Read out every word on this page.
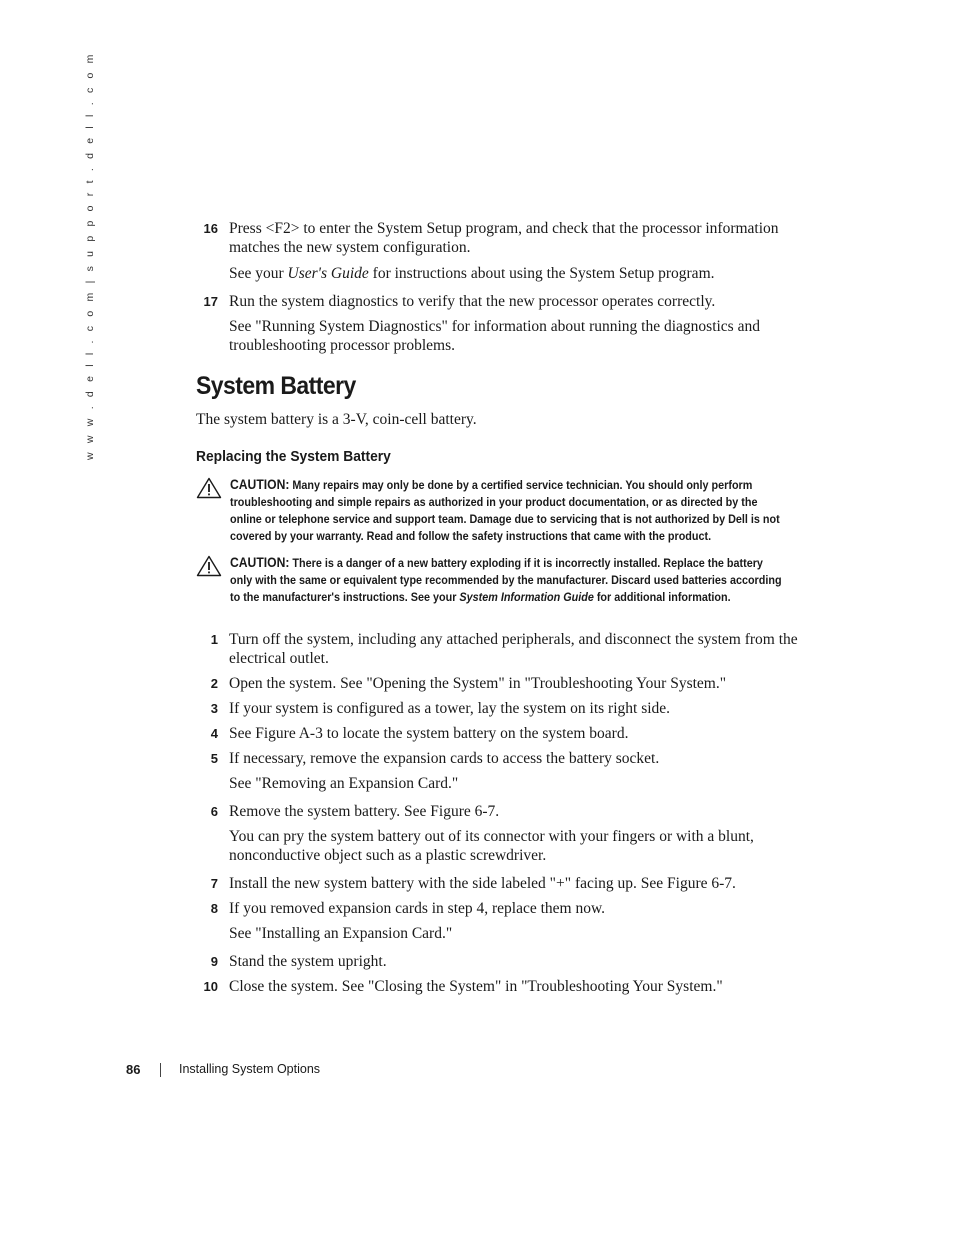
w w w . d e l l . c o m | s u p p o r t . d e l l . c o m	16 Press <F2> to enter the System Setup program, and check that the processor information matches the new system configuration.
See your User's Guide for instructions about using the System Setup program.
17 Run the system diagnostics to verify that the new processor operates correctly.
See "Running System Diagnostics" for information about running the diagnostics and troubleshooting processor problems.
System Battery
The system battery is a 3-V, coin-cell battery.
Replacing the System Battery
CAUTION: Many repairs may only be done by a certified service technician. You should only perform troubleshooting and simple repairs as authorized in your product documentation, or as directed by the online or telephone service and support team. Damage due to servicing that is not authorized by Dell is not covered by your warranty. Read and follow the safety instructions that came with the product.
CAUTION: There is a danger of a new battery exploding if it is incorrectly installed. Replace the battery only with the same or equivalent type recommended by the manufacturer. Discard used batteries according to the manufacturer's instructions. See your System Information Guide for additional information.
1 Turn off the system, including any attached peripherals, and disconnect the system from the electrical outlet.
2 Open the system. See "Opening the System" in "Troubleshooting Your System."
3 If your system is configured as a tower, lay the system on its right side.
4 See Figure A-3 to locate the system battery on the system board.
5 If necessary, remove the expansion cards to access the battery socket.
See "Removing an Expansion Card."
6 Remove the system battery. See Figure 6-7.
You can pry the system battery out of its connector with your fingers or with a blunt, nonconductive object such as a plastic screwdriver.
7 Install the new system battery with the side labeled "+" facing up. See Figure 6-7.
8 If you removed expansion cards in step 4, replace them now.
See "Installing an Expansion Card."
9 Stand the system upright.
10 Close the system. See "Closing the System" in "Troubleshooting Your System."
86	Installing System Options
